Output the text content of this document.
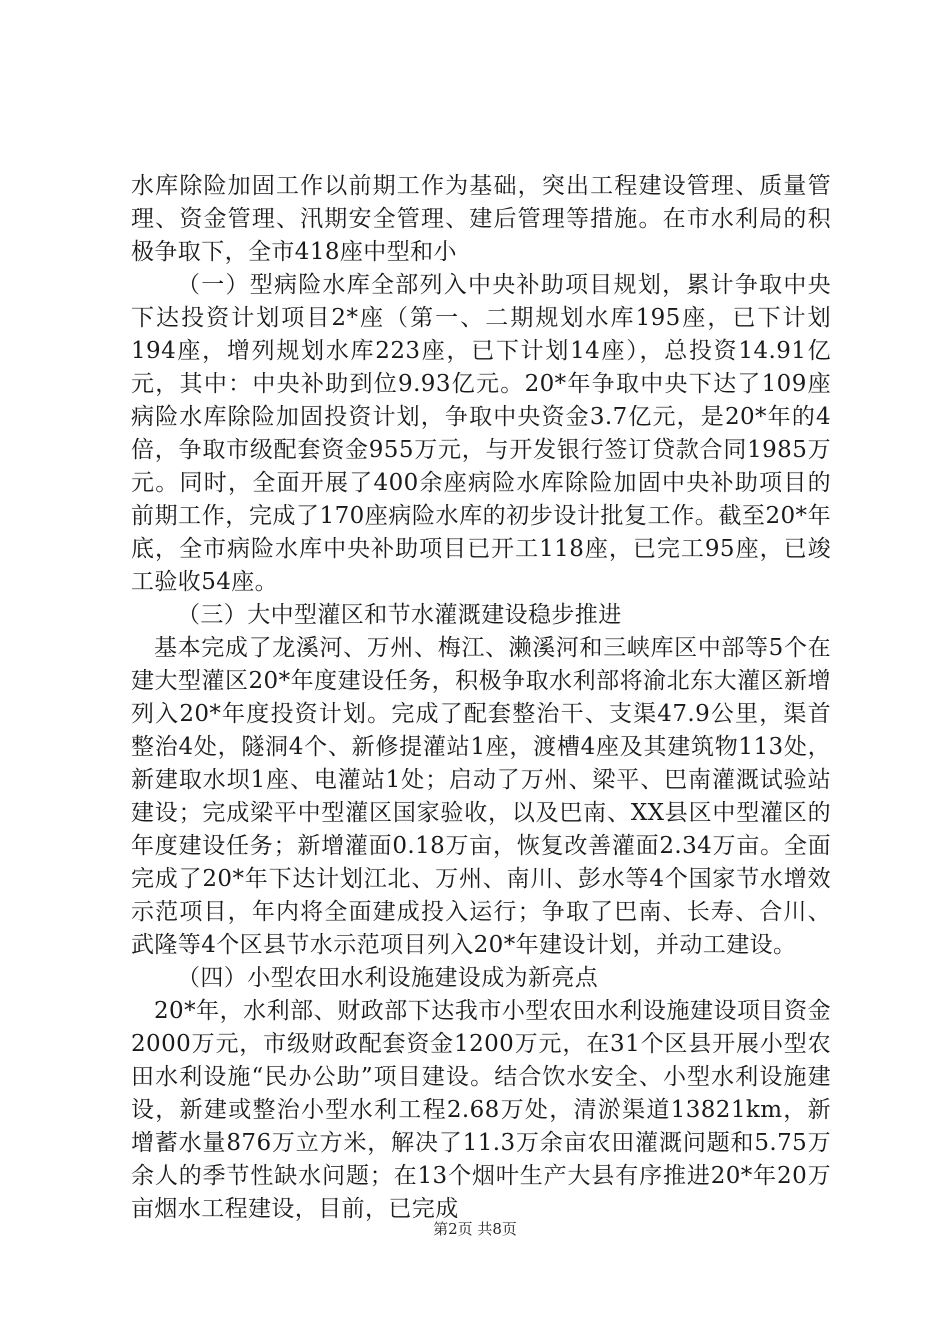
水库除险加固工作以前期工作为基础，突出工程建设管理、质量管理、资金管理、汛期安全管理、建后管理等措施。在市水利局的积极争取下，全市418座中型和小

（一）型病险水库全部列入中央补助项目规划，累计争取中央下达投资计划项目2*座（第一、二期规划水库195座，已下计划194座，增列规划水库223座，已下计划14座），总投资14.91亿元，其中：中央补助到位9.93亿元。20*年争取中央下达了109座病险水库除险加固投资计划，争取中央资金3.7亿元，是20*年的4倍，争取市级配套资金955万元，与开发银行签订贷款合同1985万元。同时，全面开展了400余座病险水库除险加固中央补助项目的前期工作，完成了170座病险水库的初步设计批复工作。截至20*年底，全市病险水库中央补助项目已开工118座，已完工95座，已竣工验收54座。

（三）大中型灌区和节水灌溉建设稳步推进

基本完成了龙溪河、万州、梅江、濑溪河和三峡库区中部等5个在建大型灌区20*年度建设任务，积极争取水利部将渝北东大灌区新增列入20*年度投资计划。完成了配套整治干、支渠47.9公里，渠首整治4处，隧洞4个、新修提灌站1座，渡槽4座及其建筑物113处，新建取水坝1座、电灌站1处；启动了万州、梁平、巴南灌溉试验站建设；完成梁平中型灌区国家验收，以及巴南、XX县区中型灌区的年度建设任务；新增灌面0.18万亩，恢复改善灌面2.34万亩。全面完成了20*年下达计划江北、万州、南川、彭水等4个国家节水增效示范项目，年内将全面建成投入运行；争取了巴南、长寿、合川、武隆等4个区县节水示范项目列入20*年建设计划，并动工建设。

（四）小型农田水利设施建设成为新亮点

20*年，水利部、财政部下达我市小型农田水利设施建设项目资金2000万元，市级财政配套资金1200万元，在31个区县开展小型农田水利设施“民办公助”项目建设。结合饮水安全、小型水利设施建设，新建或整治小型水利工程2.68万处，清淤渠道13821km，新增蓄水量876万立方米，解决了11.3万余亩农田灌溉问题和5.75万余人的季节性缺水问题；在13个烟叶生产大县有序推进20*年20万亩烟水工程建设，目前，已完成

第2页 共8页
